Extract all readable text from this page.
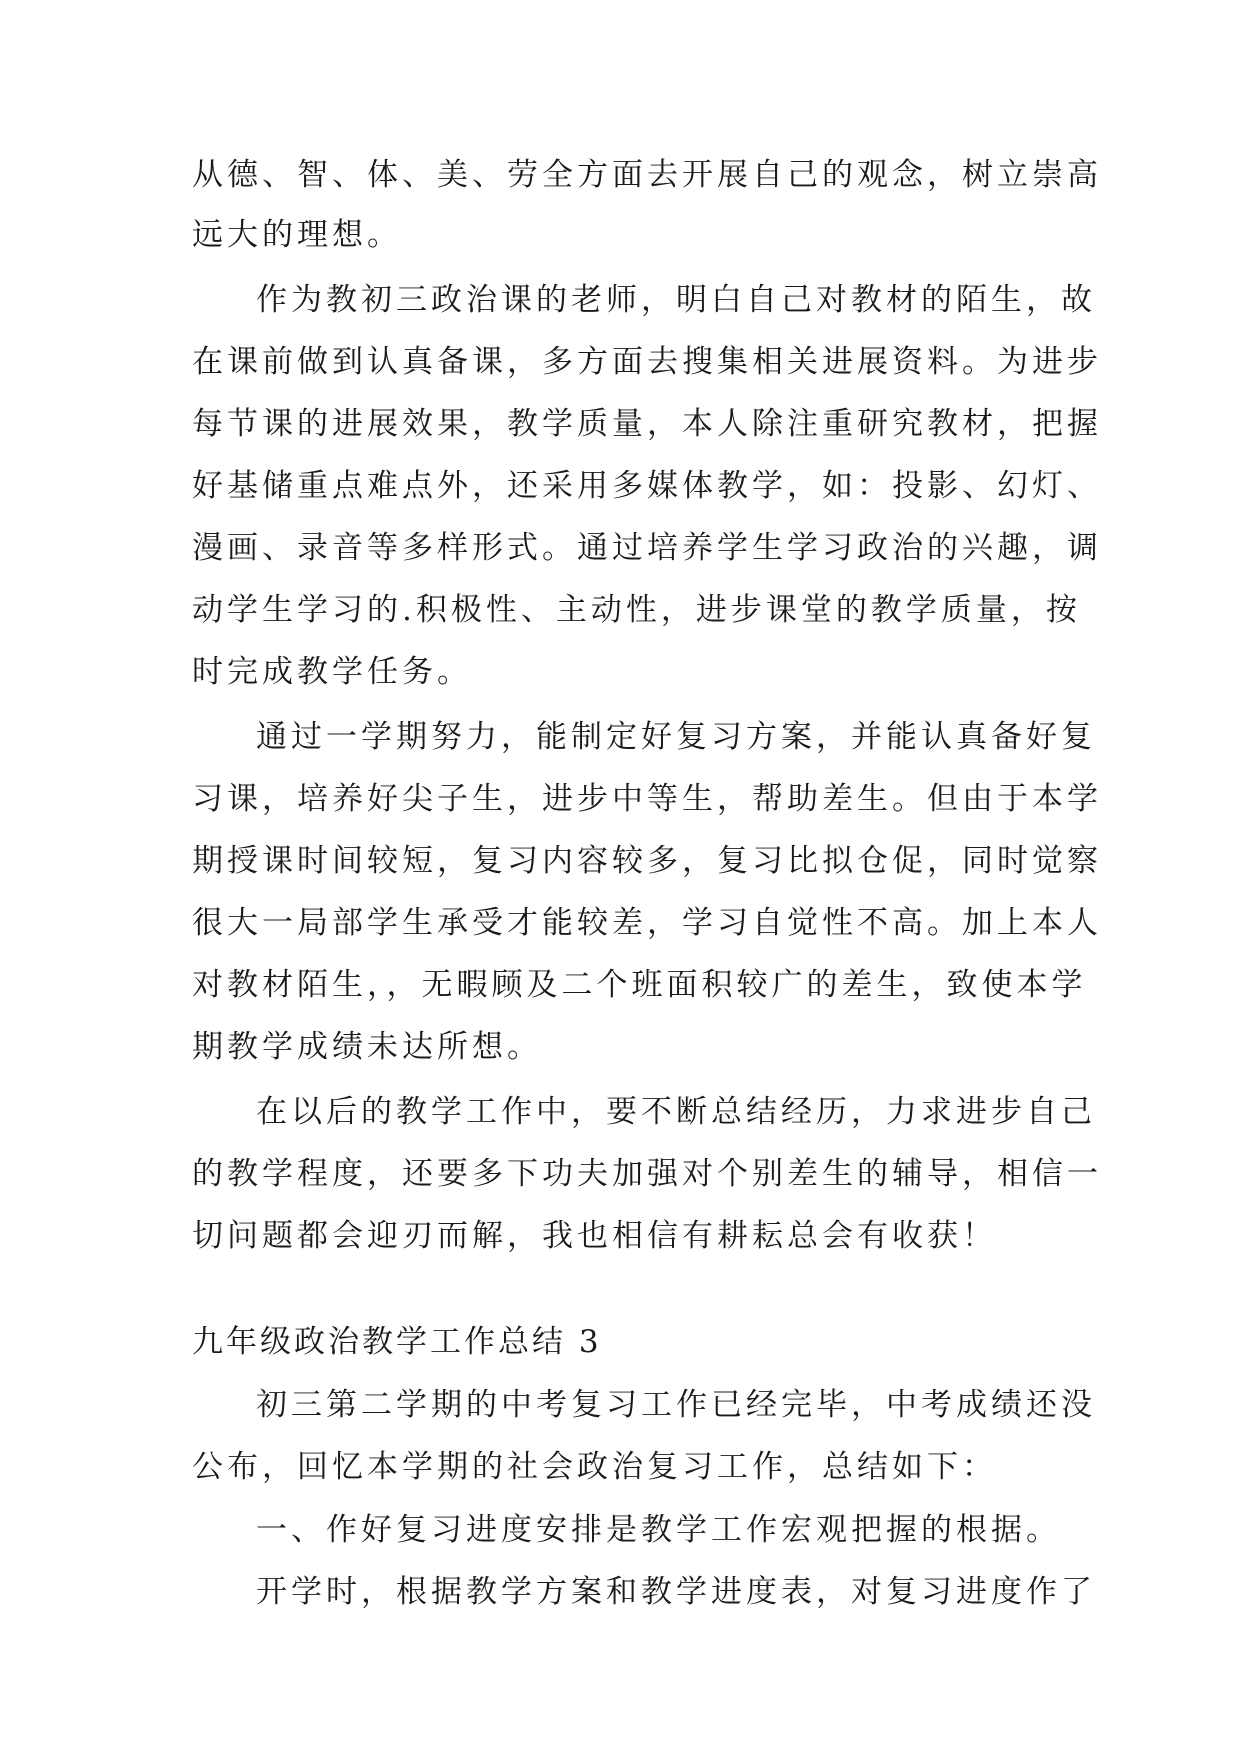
从德、智、体、美、劳全方面去开展自己的观念，树立崇高
远大的理想。
作为教初三政治课的老师，明白自己对教材的陌生，故
在课前做到认真备课，多方面去搜集相关进展资料。为进步
每节课的进展效果，教学质量，本人除注重研究教材，把握
好基储重点难点外，还采用多媒体教学，如：投影、幻灯、
漫画、录音等多样形式。通过培养学生学习政治的兴趣，调
动学生学习的.积极性、主动性，进步课堂的教学质量，按
时完成教学任务。
通过一学期努力，能制定好复习方案，并能认真备好复
习课，培养好尖子生，进步中等生，帮助差生。但由于本学
期授课时间较短，复习内容较多，复习比拟仓促，同时觉察
很大一局部学生承受才能较差，学习自觉性不高。加上本人
对教材陌生，，无暇顾及二个班面积较广的差生，致使本学
期教学成绩未达所想。
在以后的教学工作中，要不断总结经历，力求进步自己
的教学程度，还要多下功夫加强对个别差生的辅导，相信一
切问题都会迎刃而解，我也相信有耕耘总会有收获！
九年级政治教学工作总结 3
初三第二学期的中考复习工作已经完毕，中考成绩还没
公布，回忆本学期的社会政治复习工作，总结如下：
一、作好复习进度安排是教学工作宏观把握的根据。
开学时，根据教学方案和教学进度表，对复习进度作了
